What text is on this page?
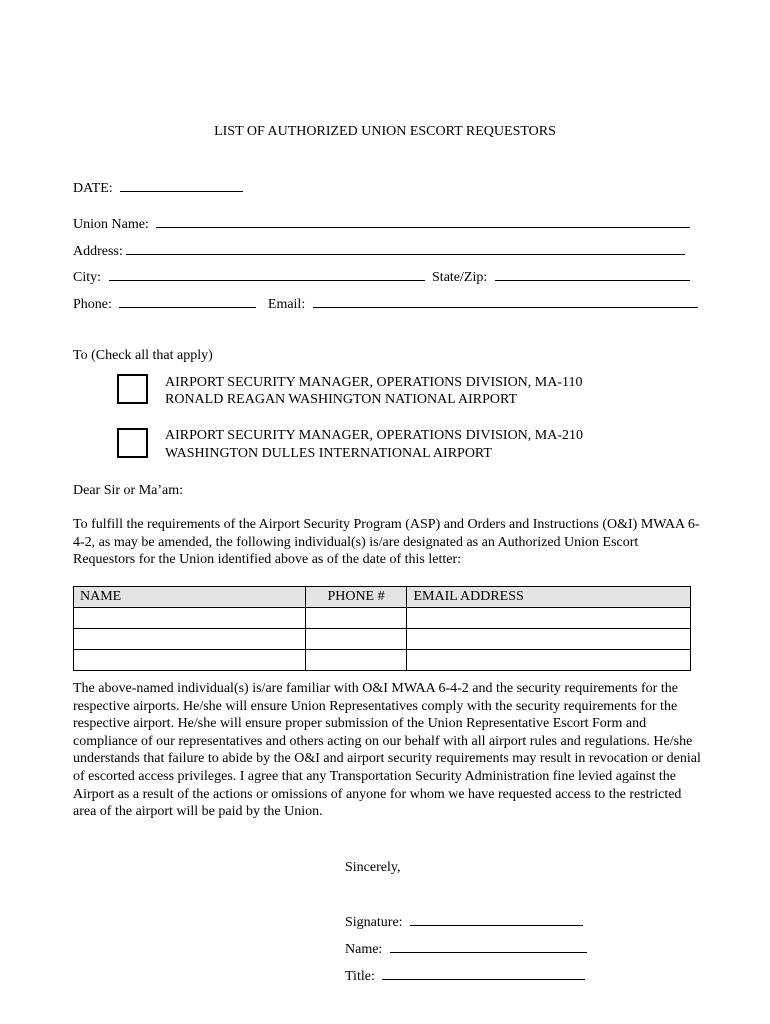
LIST OF AUTHORIZED UNION ESCORT REQUESTORS
DATE:
Union Name:
Address:
City:	State/Zip:
Phone:	Email:
To (Check all that apply)
AIRPORT SECURITY MANAGER, OPERATIONS DIVISION, MA-110
RONALD REAGAN WASHINGTON NATIONAL AIRPORT
AIRPORT SECURITY MANAGER, OPERATIONS DIVISION, MA-210
WASHINGTON DULLES INTERNATIONAL AIRPORT
Dear Sir or Ma’am:
To fulfill the requirements of the Airport Security Program (ASP) and Orders and Instructions (O&I) MWAA 6-4-2, as may be amended, the following individual(s) is/are designated as an Authorized Union Escort Requestors for the Union identified above as of the date of this letter:
NAME	PHONE #	EMAIL ADDRESS

The above-named individual(s) is/are familiar with O&I MWAA 6-4-2 and the security requirements for the respective airports. He/she will ensure Union Representatives comply with the security requirements for the respective airport. He/she will ensure proper submission of the Union Representative Escort Form and compliance of our representatives and others acting on our behalf with all airport rules and regulations. He/she understands that failure to abide by the O&I and airport security requirements may result in revocation or denial of escorted access privileges. I agree that any Transportation Security Administration fine levied against the Airport as a result of the actions or omissions of anyone for whom we have requested access to the restricted area of the airport will be paid by the Union.
Sincerely,
Signature:
Name:
Title:
